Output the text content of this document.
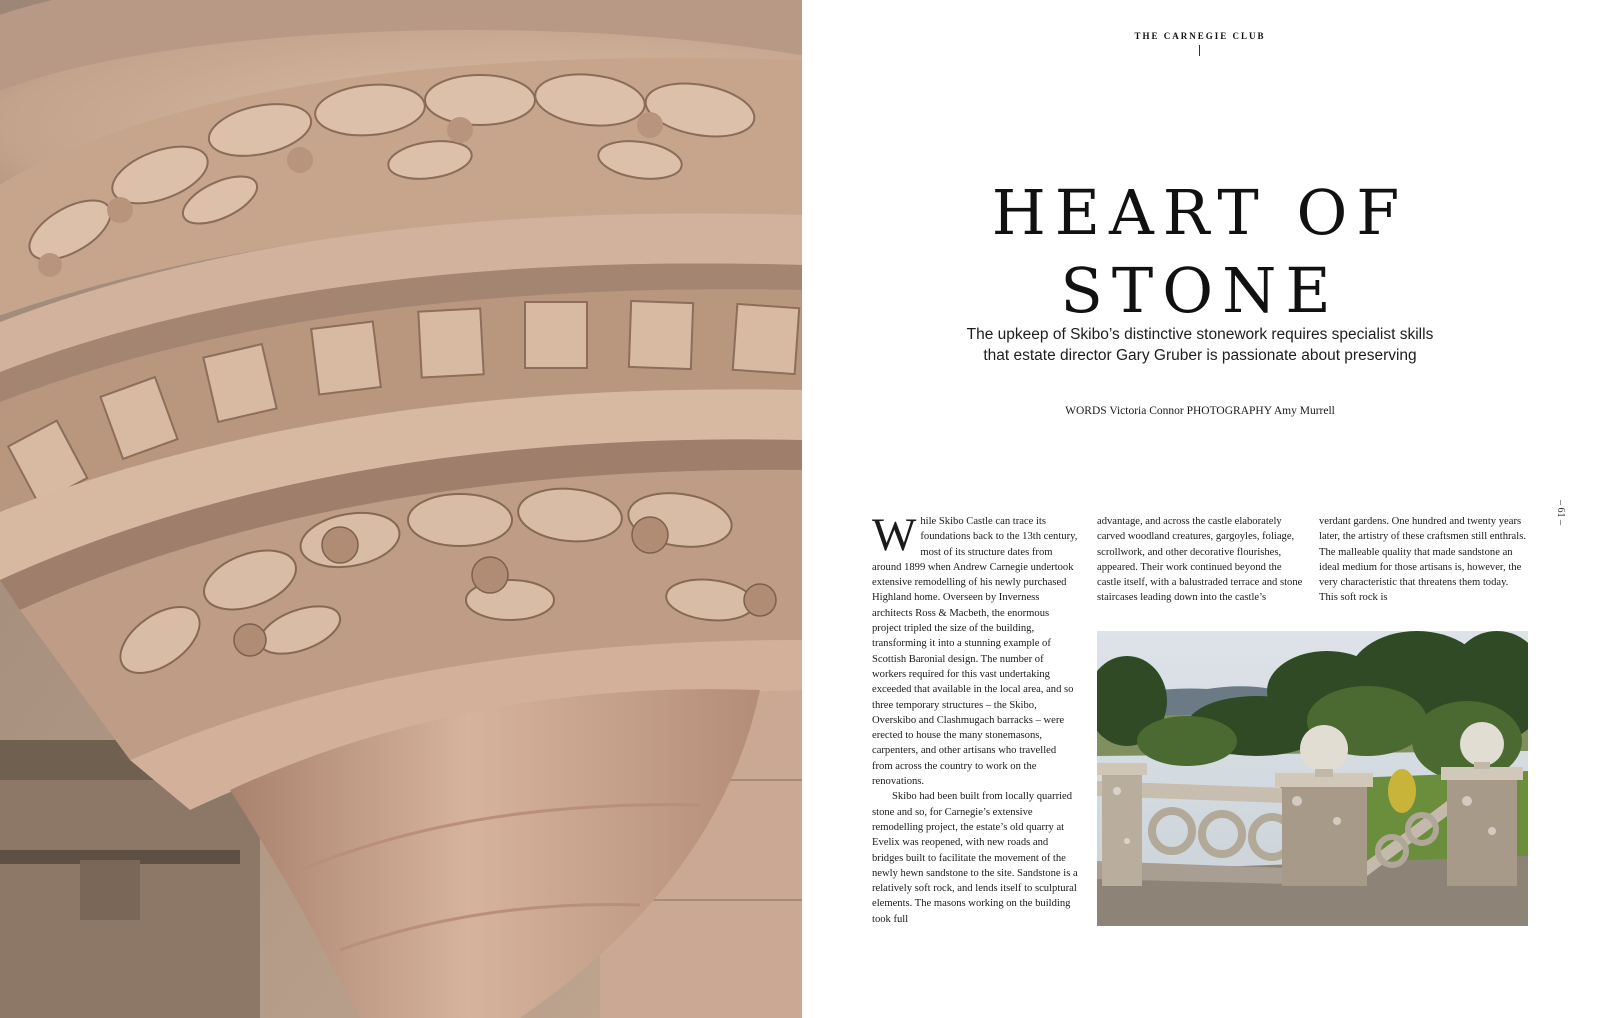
THE CARNEGIE CLUB
HEART OF
STONE
The upkeep of Skibo’s distinctive stonework requires specialist skills
that estate director Gary Gruber is passionate about preserving
WORDS Victoria Connor PHOTOGRAPHY Amy Murrell
– 61 –

While Skibo Castle can trace its foundations back to the 13th century, most of its structure dates from around 1899 when Andrew Carnegie undertook extensive remodelling of his newly purchased Highland home. Overseen by Inverness architects Ross & Macbeth, the enormous project tripled the size of the building, transforming it into a stunning example of Scottish Baronial design. The number of workers required for this vast undertaking exceeded that available in the local area, and so three temporary structures – the Skibo, Overskibo and Clashmugach barracks – were erected to house the many stonemasons, carpenters, and other artisans who travelled from across the country to work on the renovations.

Skibo had been built from locally quarried stone and so, for Carnegie’s extensive remodelling project, the estate’s old quarry at Evelix was reopened, with new roads and bridges built to facilitate the movement of the newly hewn sandstone to the site. Sandstone is a relatively soft rock, and lends itself to sculptural elements. The masons working on the building took full

advantage, and across the castle elaborately carved woodland creatures, gargoyles, foliage, scrollwork, and other decorative flourishes, appeared. Their work continued beyond the castle itself, with a balustraded terrace and stone staircases leading down into the castle’s

verdant gardens. One hundred and twenty years later, the artistry of these craftsmen still enthrals. The malleable quality that made sandstone an ideal medium for those artisans is, however, the very characteristic that threatens them today. This soft rock is
